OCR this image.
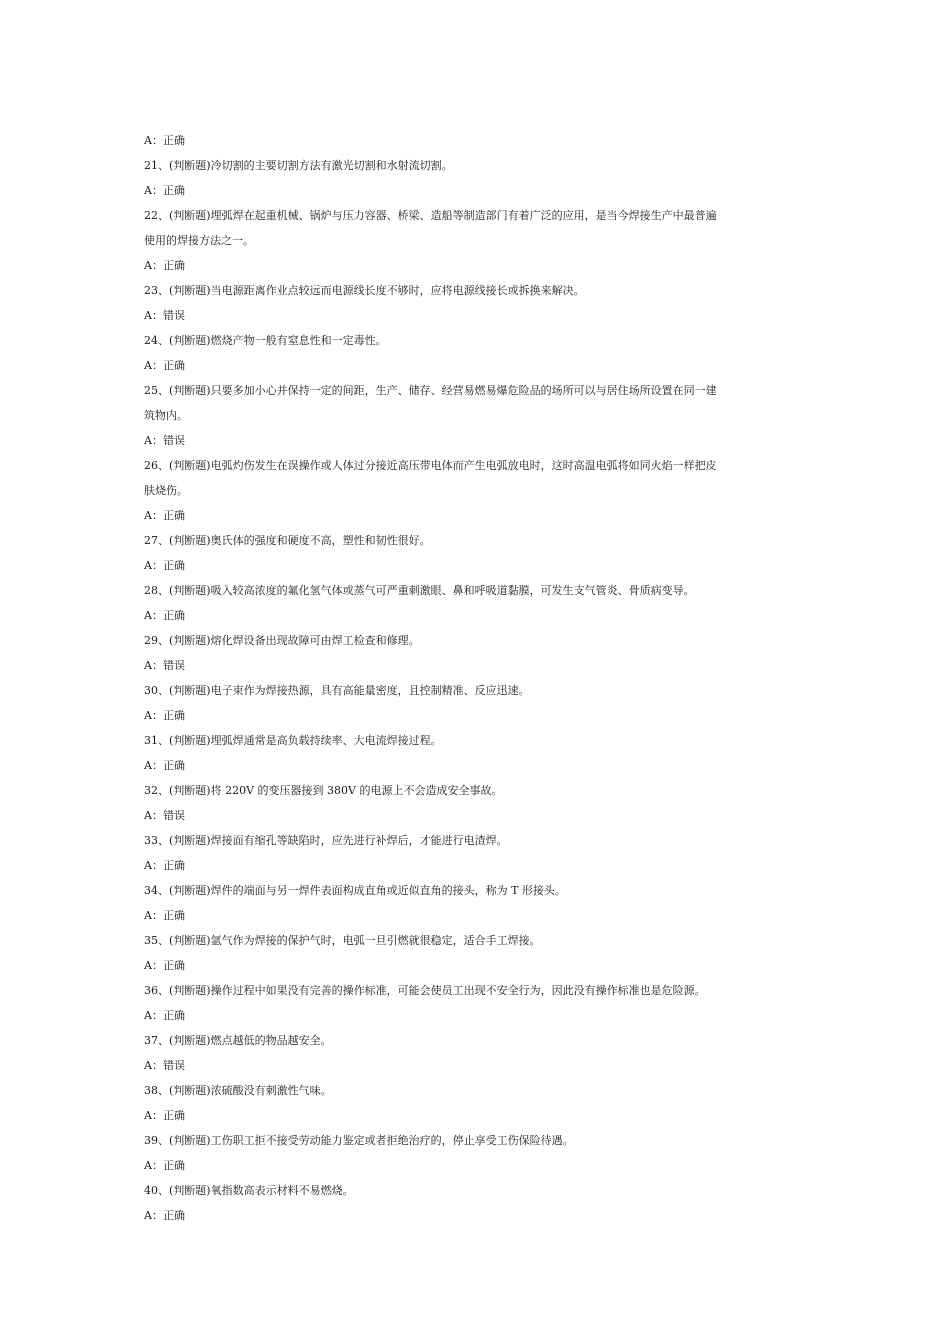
A：正确
21、(判断题)冷切割的主要切割方法有激光切割和水射流切割。
A：正确
22、(判断题)埋弧焊在起重机械、锅炉与压力容器、桥梁、造船等制造部门有着广泛的应用，是当今焊接生产中最普遍
使用的焊接方法之一。
A：正确
23、(判断题)当电源距离作业点较远而电源线长度不够时，应将电源线接长或拆换来解决。
A：错误
24、(判断题)燃烧产物一般有窒息性和一定毒性。
A：正确
25、(判断题)只要多加小心并保持一定的间距，生产、储存、经营易燃易爆危险品的场所可以与居住场所设置在同一建
筑物内。
A：错误
26、(判断题)电弧灼伤发生在误操作或人体过分接近高压带电体而产生电弧放电时，这时高温电弧将如同火焰一样把皮
肤烧伤。
A：正确
27、(判断题)奥氏体的强度和硬度不高，塑性和韧性很好。
A：正确
28、(判断题)吸入较高浓度的氟化氢气体或蒸气可严重刺激眼、鼻和呼吸道黏膜，可发生支气管炎、骨质病变导。
A：正确
29、(判断题)熔化焊设备出现故障可由焊工检查和修理。
A：错误
30、(判断题)电子束作为焊接热源，具有高能量密度，且控制精准、反应迅速。
A：正确
31、(判断题)埋弧焊通常是高负载持续率、大电流焊接过程。
A：正确
32、(判断题)将 220V 的变压器接到 380V 的电源上不会造成安全事故。
A：错误
33、(判断题)焊接面有缩孔等缺陷时，应先进行补焊后，才能进行电渣焊。
A：正确
34、(判断题)焊件的端面与另一焊件表面构成直角或近似直角的接头，称为 T 形接头。
A：正确
35、(判断题)氩气作为焊接的保护气时，电弧一旦引燃就很稳定，适合手工焊接。
A：正确
36、(判断题)操作过程中如果没有完善的操作标准，可能会使员工出现不安全行为，因此没有操作标准也是危险源。
A：正确
37、(判断题)燃点越低的物品越安全。
A：错误
38、(判断题)浓硫酸没有刺激性气味。
A：正确
39、(判断题)工伤职工拒不接受劳动能力鉴定或者拒绝治疗的，停止享受工伤保险待遇。
A：正确
40、(判断题)氧指数高表示材料不易燃烧。
A：正确
